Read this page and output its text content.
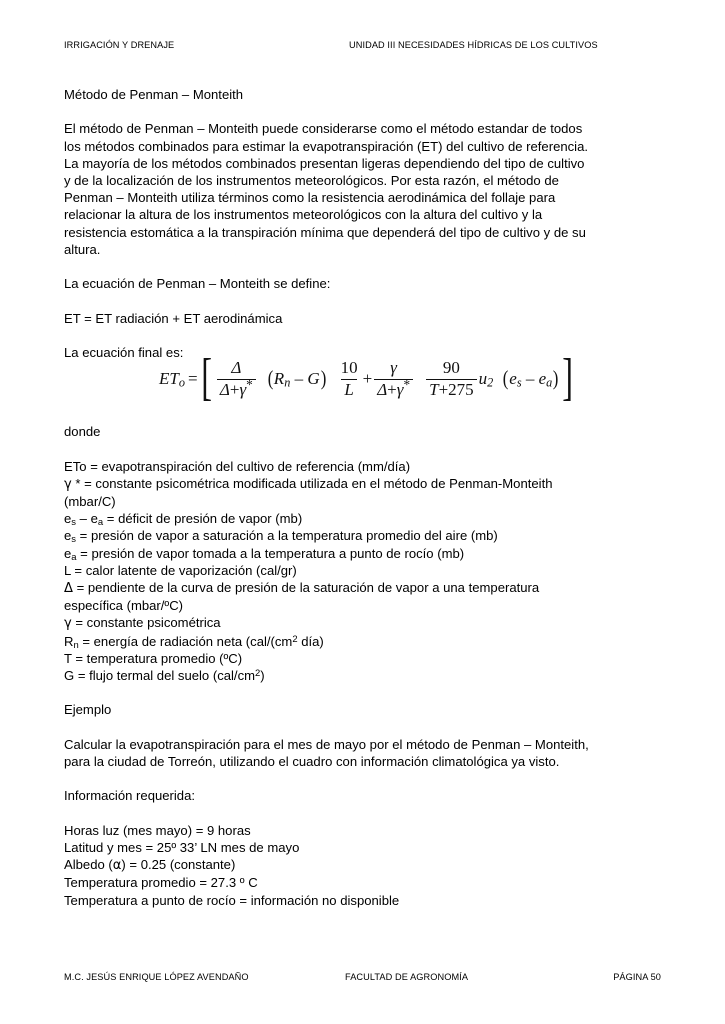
IRRIGACIÓN Y DRENAJE	UNIDAD III NECESIDADES HÍDRICAS DE LOS CULTIVOS

Método de Penman – Monteith

El método de Penman – Monteith puede considerarse como el método estandar de todos
los métodos combinados para estimar la evapotranspiración (ET) del cultivo de referencia.
La mayoría de los métodos combinados presentan ligeras dependiendo del tipo de cultivo
y de la localización de los instrumentos meteorológicos. Por esta razón, el método de
Penman – Monteith utiliza términos como la resistencia aerodinámica del follaje para
relacionar la altura de los instrumentos meteorológicos con la altura del cultivo y la
resistencia estomática a la transpiración mínima que dependerá del tipo de cultivo y de su
altura.

La ecuación de Penman – Monteith se define:

ET = ET radiación + ET aerodinámica

La ecuación final es:

$ET_o$ = [ $\frac{\Delta}{\Delta+\gamma^*} (R_n - G) \frac{10}{L} + \frac{\gamma}{\Delta+\gamma^*} \frac{90}{T+275} u_2$ $(e_s - e_a)$ ]

donde

ETo = evapotranspiración del cultivo de referencia (mm/día)
γ * = constante psicométrica modificada utilizada en el método de Penman-Monteith
(mbar/C)
$e_s - e_a$ = déficit de presión de vapor (mb)
$e_s$ = presión de vapor a saturación a la temperatura promedio del aire (mb)
$e_a$ = presión de vapor tomada a la temperatura a punto de rocío (mb)
L = calor latente de vaporización (cal/gr)
Δ = pendiente de la curva de presión de la saturación de vapor a una temperatura
específica (mbar/ºC)
γ = constante psicométrica
$R_n$ = energía de radiación neta ($cal/(cm^2$ día)
T = temperatura promedio (ºC)
G = flujo termal del suelo $(cal/cm^2)$

Ejemplo

Calcular la evapotranspiración para el mes de mayo por el método de Penman – Monteith,
para la ciudad de Torreón, utilizando el cuadro con información climatológica ya visto.

Información requerida:

Horas luz (mes mayo) = 9 horas
Latitud y mes = 25º 33’ LN mes de mayo
Albedo (α) = 0.25 (constante)
Temperatura promedio = 27.3 º C
Temperatura a punto de rocío = información no disponible
M.C. JESÚS ENRIQUE LÓPEZ AVENDAÑO	FACULTAD DE AGRONOMÍA	PÁGINA 50
